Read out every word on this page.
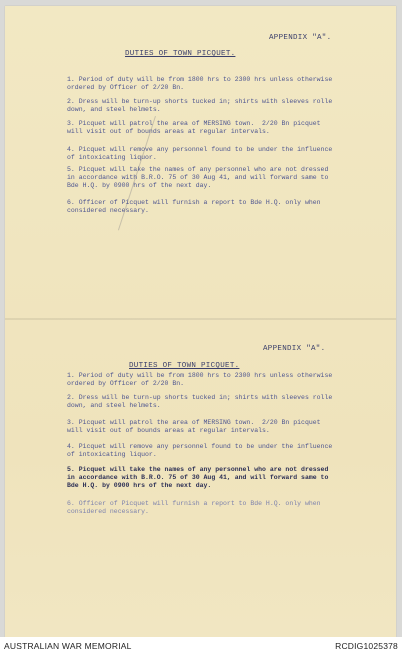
APPENDIX "A".
DUTIES OF TOWN PICQUET.
1. Period of duty will be from 1800 hrs to 2300 hrs unless otherwise
ordered by Officer of 2/20 Bn.
2. Dress will be turn-up shorts tucked in; shirts with sleeves rolle
down, and steel helmets.
3. Picquet will patrol the area of MERSING town.  2/20 Bn picquet
will visit out of bounds areas at regular intervals.
4. Picquet will remove any personnel found to be under the influence
of intoxicating liquor.
5. Picquet will take the names of any personnel who are not dressed
in accordance with B.R.O. 75 of 30 Aug 41, and will forward same to
Bde H.Q. by 0900 hrs of the next day.
6. Officer of Picquet will furnish a report to Bde H.Q. only when
considered necessary.
APPENDIX "A".
DUTIES OF TOWN PICQUET.
1. Period of duty will be from 1800 hrs to 2300 hrs unless otherwise
ordered by Officer of 2/20 Bn.
2. Dress will be turn-up shorts tucked in; shirts with sleeves rolle
down, and steel helmets.
3. Picquet will patrol the area of MERSING town.  2/20 Bn picquet
will visit out of bounds areas at regular intervals.
4. Picquet will remove any personnel found to be under the influence
of intoxicating liquor.
5. Picquet will take the names of any personnel who are not dressed
in accordance with B.R.O. 75 of 30 Aug 41, and will forward same to
Bde H.Q. by 0900 hrs of the next day.
6. Officer of Picquet will furnish a report to Bde H.Q. only when
considered necessary.
AUSTRALIAN WAR MEMORIAL	RCDIG1025378
